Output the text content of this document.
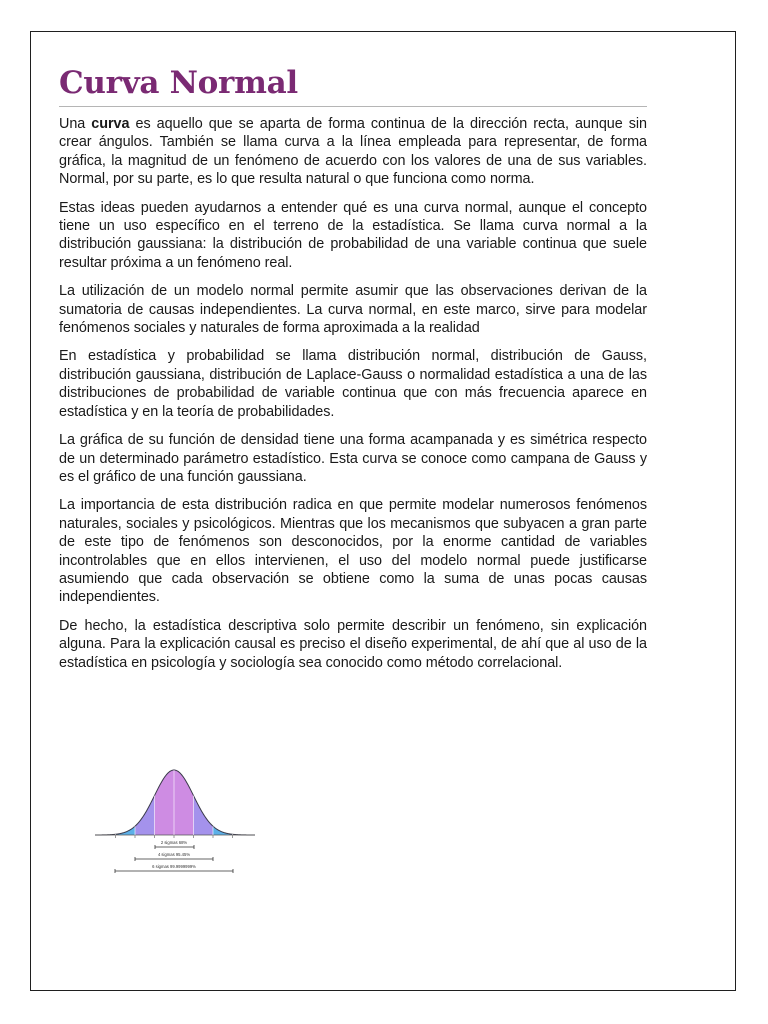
Curva Normal

Una curva es aquello que se aparta de forma continua de la dirección recta, aunque sin crear ángulos. También se llama curva a la línea empleada para representar, de forma gráfica, la magnitud de un fenómeno de acuerdo con los valores de una de sus variables. Normal, por su parte, es lo que resulta natural o que funciona como norma.

Estas ideas pueden ayudarnos a entender qué es una curva normal, aunque el concepto tiene un uso específico en el terreno de la estadística. Se llama curva normal a la distribución gaussiana: la distribución de probabilidad de una variable continua que suele resultar próxima a un fenómeno real.

La utilización de un modelo normal permite asumir que las observaciones derivan de la sumatoria de causas independientes. La curva normal, en este marco, sirve para modelar fenómenos sociales y naturales de forma aproximada a la realidad

En estadística y probabilidad se llama distribución normal, distribución de Gauss, distribución gaussiana, distribución de Laplace-Gauss o normalidad estadística a una de las distribuciones de probabilidad de variable continua que con más frecuencia aparece en estadística y en la teoría de probabilidades.

La gráfica de su función de densidad tiene una forma acampanada y es simétrica respecto de un determinado parámetro estadístico. Esta curva se conoce como campana de Gauss y es el gráfico de una función gaussiana.

La importancia de esta distribución radica en que permite modelar numerosos fenómenos naturales, sociales y psicológicos. Mientras que los mecanismos que subyacen a gran parte de este tipo de fenómenos son desconocidos, por la enorme cantidad de variables incontrolables que en ellos intervienen, el uso del modelo normal puede justificarse asumiendo que cada observación se obtiene como la suma de unas pocas causas independientes.

De hecho, la estadística descriptiva solo permite describir un fenómeno, sin explicación alguna. Para la explicación causal es preciso el diseño experimental, de ahí que al uso de la estadística en psicología y sociología sea conocido como método correlacional.

2 sigmas 68%
4 sigmas 95.45%
6 sigmas 99.9999999%
